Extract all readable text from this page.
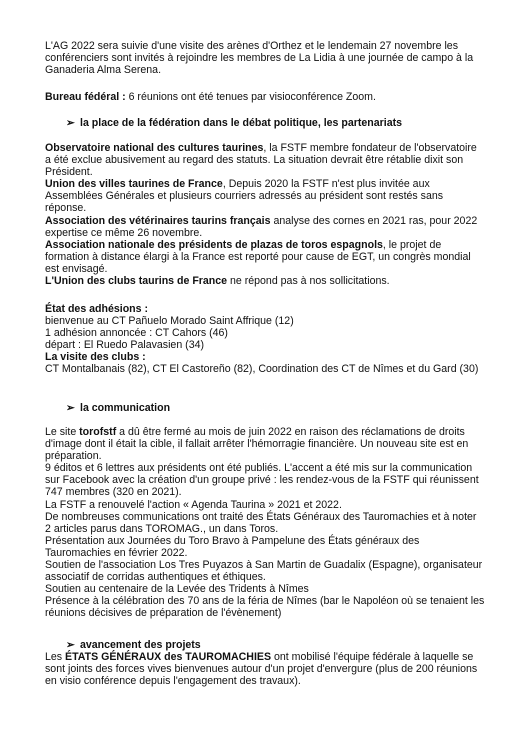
L'AG 2022 sera suivie d'une visite des arènes d'Orthez et le lendemain 27 novembre les conférenciers sont invités à rejoindre les membres de La Lidia à une journée de campo à la Ganaderia Alma Serena.

Bureau fédéral : 6 réunions ont été tenues par visioconférence Zoom.

➢ la place de la fédération dans le débat politique, les partenariats

Observatoire national des cultures taurines, la FSTF membre fondateur de l'observatoire a été exclue abusivement au regard des statuts. La situation devrait être rétablie dixit son Président.

Union des villes taurines de France, Depuis 2020 la FSTF n'est plus invitée aux Assemblées Générales et plusieurs courriers adressés au président sont restés sans réponse.

Association des vétérinaires taurins français analyse des cornes en 2021 ras, pour 2022 expertise ce même 26 novembre.

Association nationale des présidents de plazas de toros espagnols, le projet de formation à distance élargi à la France est reporté pour cause de EGT, un congrès mondial est envisagé.

L'Union des clubs taurins de France ne répond pas à nos sollicitations.

État des adhésions :

bienvenue au CT Pañuelo Morado Saint Affrique (12)

1 adhésion annoncée : CT Cahors (46)

départ : El Ruedo Palavasien (34)

La visite des clubs :

CT Montalbanais (82), CT El Castoreño (82), Coordination des CT de Nîmes et du Gard (30)

➢ la communication

Le site torofstf a dû être fermé au mois de juin 2022 en raison des réclamations de droits d'image dont il était la cible, il fallait arrêter l'hémorragie financière. Un nouveau site est en préparation.

9 éditos et 6 lettres aux présidents ont été publiés. L'accent a été mis sur la communication sur Facebook avec la création d'un groupe privé : les rendez-vous de la FSTF qui réunissent 747 membres (320 en 2021).

La FSTF a renouvelé l'action « Agenda Taurina » 2021 et 2022.

De nombreuses communications ont traité des États Généraux des Tauromachies et à noter 2 articles parus dans TOROMAG., un dans Toros.

Présentation aux Journées du Toro Bravo à Pampelune des États généraux des Tauromachies en février 2022.

Soutien de l'association Los Tres Puyazos à San Martin de Guadalix (Espagne), organisateur associatif de corridas authentiques et éthiques.

Soutien au centenaire de la Levée des Tridents à Nîmes

Présence à la célébration des 70 ans de la féria de Nîmes (bar le Napoléon où se tenaient les réunions décisives de préparation de l'évènement)

➢ avancement des projets

Les ÉTATS GÉNÉRAUX des TAUROMACHIES ont mobilisé l'équipe fédérale à laquelle se sont joints des forces vives bienvenues autour d'un projet d'envergure (plus de 200 réunions en visio conférence depuis l'engagement des travaux).
